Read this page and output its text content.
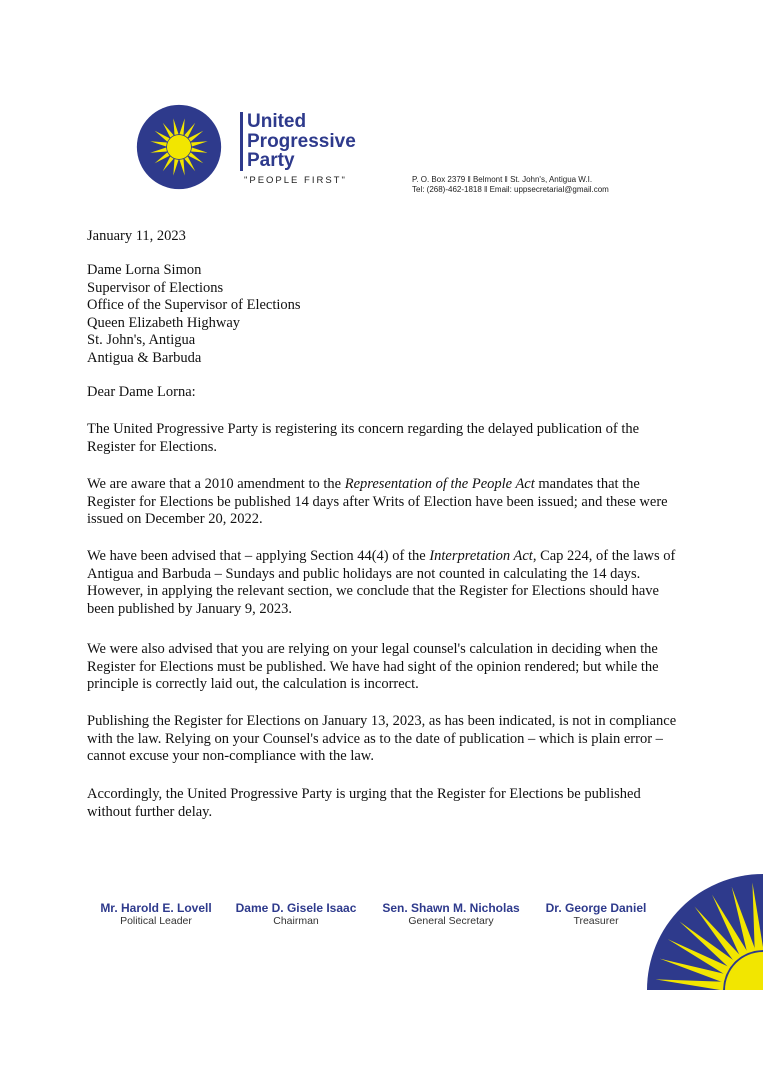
United
Progressive
Party
"PEOPLE FIRST"	P. O. Box 2379 ‖ Belmont ‖ St. John's, Antigua W.I.
Tel: (268)-462-1818 ‖ Email: uppsecretarial@gmail.com
January 11, 2023
Dame Lorna Simon
Supervisor of Elections
Office of the Supervisor of Elections
Queen Elizabeth Highway
St. John's, Antigua
Antigua & Barbuda
Dear Dame Lorna:
The United Progressive Party is registering its concern regarding the delayed publication of the Register for Elections.
We are aware that a 2010 amendment to the Representation of the People Act mandates that the Register for Elections be published 14 days after Writs of Election have been issued; and these were issued on December 20, 2022.
We have been advised that – applying Section 44(4) of the Interpretation Act, Cap 224, of the laws of Antigua and Barbuda – Sundays and public holidays are not counted in calculating the 14 days. However, in applying the relevant section, we conclude that the Register for Elections should have been published by January 9, 2023.
We were also advised that you are relying on your legal counsel's calculation in deciding when the Register for Elections must be published. We have had sight of the opinion rendered; but while the principle is correctly laid out, the calculation is incorrect.
Publishing the Register for Elections on January 13, 2023, as has been indicated, is not in compliance with the law. Relying on your Counsel's advice as to the date of publication – which is plain error – cannot excuse your non-compliance with the law.
Accordingly, the United Progressive Party is urging that the Register for Elections be published without further delay.
Mr. Harold E. Lovell
Political Leader
Dame D. Gisele Isaac
Chairman
Sen. Shawn M. Nicholas
General Secretary
Dr. George Daniel
Treasurer
